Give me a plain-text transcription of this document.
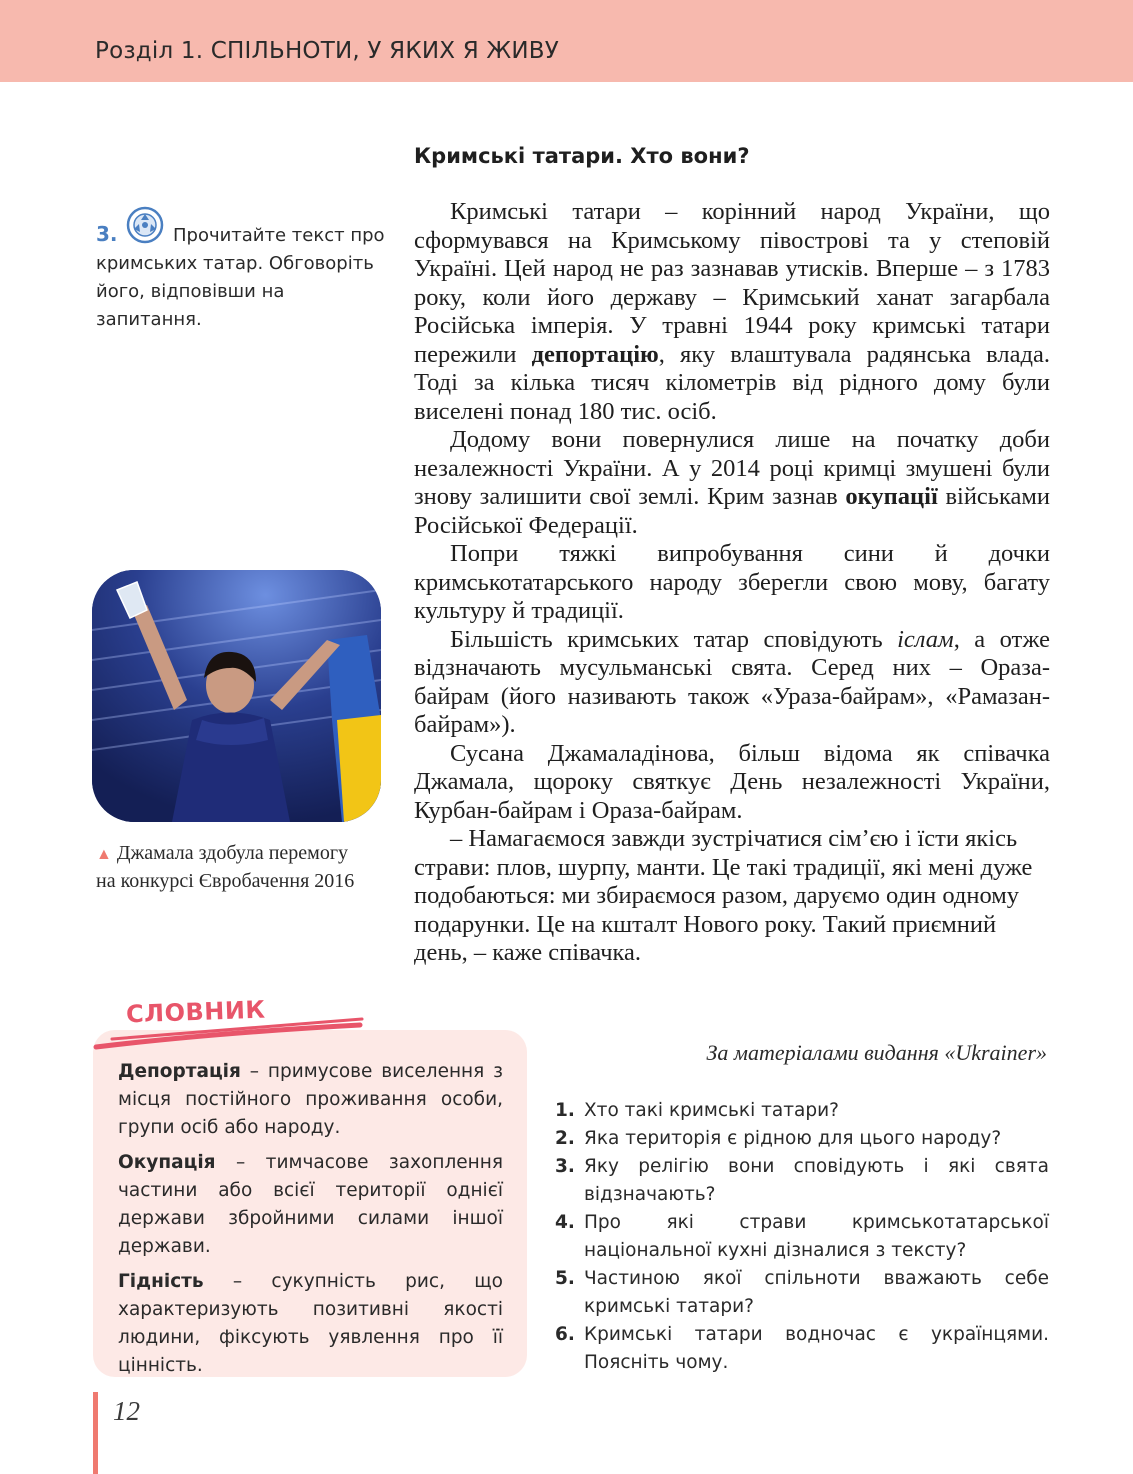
Розділ 1. СПІЛЬНОТИ, У ЯКИХ Я ЖИВУ
Кримські татари. Хто вони?
3.	Прочитайте текст про кримських татар. Обговоріть його, відповівши на запитання.

Кримські татари – корінний народ України, що сформувався на Кримському півострові та у степовій Україні. Цей народ не раз зазнавав утисків. Вперше – з 1783 року, коли його державу – Кримський ханат загарбала Російська імперія. У травні 1944 року кримські татари пережили депортацію, яку влаштувала радянська влада. Тоді за кілька тисяч кілометрів від рідного дому були виселені понад 180 тис. осіб.

Додому вони повернулися лише на початку доби незалежності України. А у 2014 році кримці змушені були знову залишити свої землі. Крим зазнав окупації військами Російської Федерації.

Попри тяжкі випробування сини й дочки кримськотатарського народу зберегли свою мову, багату культуру й традиції.

Більшість кримських татар сповідують іслам, а отже відзначають мусульманські свята. Серед них – Ораза-байрам (його називають також «Ураза-байрам», «Рамазан-байрам»).

Сусана Джамаладінова, більш відома як співачка Джамала, щороку святкує День незалежності України, Курбан-байрам і Ораза-байрам.

– Намагаємося завжди зустрічатися сім’єю і їсти якісь страви: плов, шурпу, манти. Це такі традиції, які мені дуже подобаються: ми збираємося разом, даруємо один одному подарунки. Це на кшталт Нового року. Такий приємний день, – каже співачка.

За матеріалами видання «Ukrainer»
▲ Джамала здобула перемогу на конкурсі Євробачення 2016
СЛОВНИК

Депортація – примусове виселення з місця постійного проживання особи, групи осіб або народу.

Окупація – тимчасове захоплення частини або всієї території однієї держави збройними силами іншої держави.

Гідність – сукупність рис, що характеризують позитивні якості людини, фіксують уявлення про її цінність.

1. Хто такі кримські татари?
2. Яка територія є рідною для цього народу?
3. Яку релігію вони сповідують і які свята відзначають?
4. Про які страви кримськотатарської національної кухні дізналися з тексту?
5. Частиною якої спільноти вважають себе кримські татари?
6. Кримські татари водночас є українцями. Поясніть чому.
12
